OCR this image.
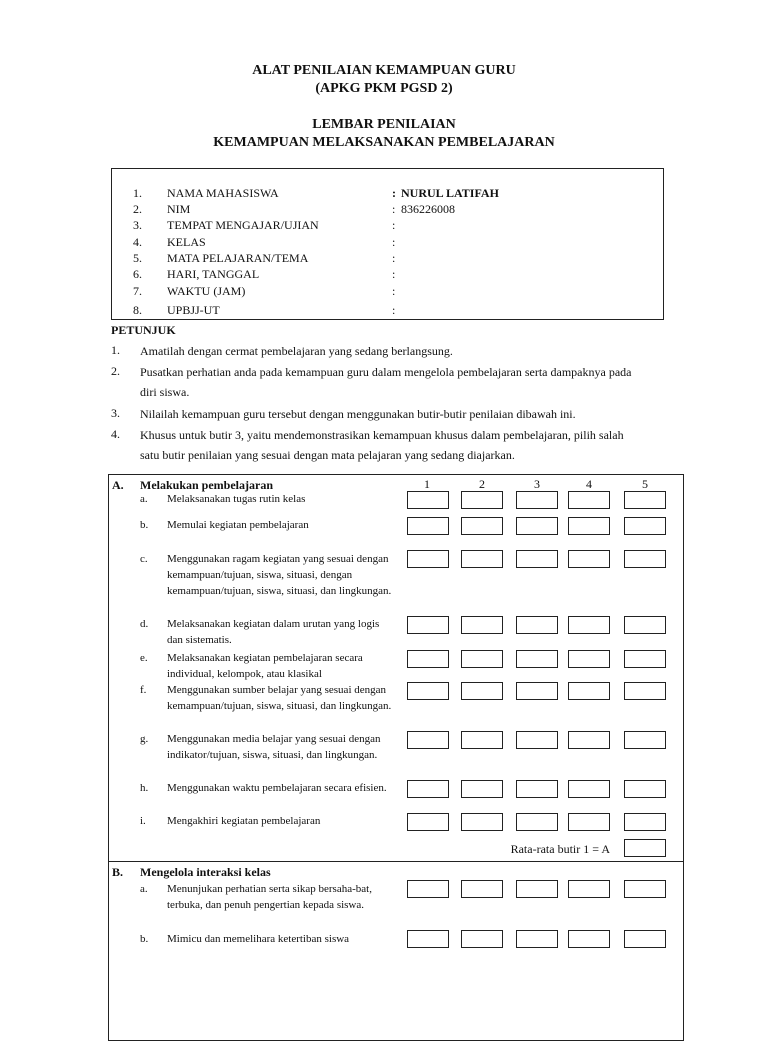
ALAT PENILAIAN KEMAMPUAN GURU
(APKG PKM PGSD 2)
LEMBAR PENILAIAN
KEMAMPUAN MELAKSANAKAN PEMBELAJARAN
1. NAMA MAHASISWA	: NURUL LATIFAH
2. NIM	: 836226008
3. TEMPAT MENGAJAR/UJIAN	:
4. KELAS	:
5. MATA PELAJARAN/TEMA	:
6. HARI, TANGGAL	:
7. WAKTU (JAM)	:
8. UPBJJ-UT	:
PETUNJUK
1. Amatilah dengan cermat pembelajaran yang sedang berlangsung.
2. Pusatkan perhatian anda pada kemampuan guru dalam mengelola pembelajaran serta dampaknya pada diri siswa.
3. Nilailah kemampuan guru tersebut dengan menggunakan butir-butir penilaian dibawah ini.
4. Khusus untuk butir 3, yaitu mendemonstrasikan kemampuan khusus dalam pembelajaran, pilih salah satu butir penilaian yang sesuai dengan mata pelajaran yang sedang diajarkan.
A. Melakukan pembelajaran	1	2	3	4	5
a. Melaksanakan tugas rutin kelas
b. Memulai kegiatan pembelajaran
c. Menggunakan ragam kegiatan yang sesuai dengan kemampuan/tujuan, siswa, situasi, dengan kemampuan/tujuan, siswa, situasi, dan lingkungan.
d. Melaksanakan kegiatan dalam urutan yang logis dan sistematis.
e. Melaksanakan kegiatan pembelajaran secara individual, kelompok, atau klasikal
f. Menggunakan sumber belajar yang sesuai dengan kemampuan/tujuan, siswa, situasi, dan lingkungan.
g. Menggunakan media belajar yang sesuai dengan indikator/tujuan, siswa, situasi, dan lingkungan.
h. Menggunakan waktu pembelajaran secara efisien.
i. Mengakhiri kegiatan pembelajaran
Rata-rata butir 1 = A
B. Mengelola interaksi kelas
a. Menunjukan perhatian serta sikap bersaha-bat, terbuka, dan penuh pengertian kepada siswa.
b. Mimicu dan memelihara ketertiban siswa
